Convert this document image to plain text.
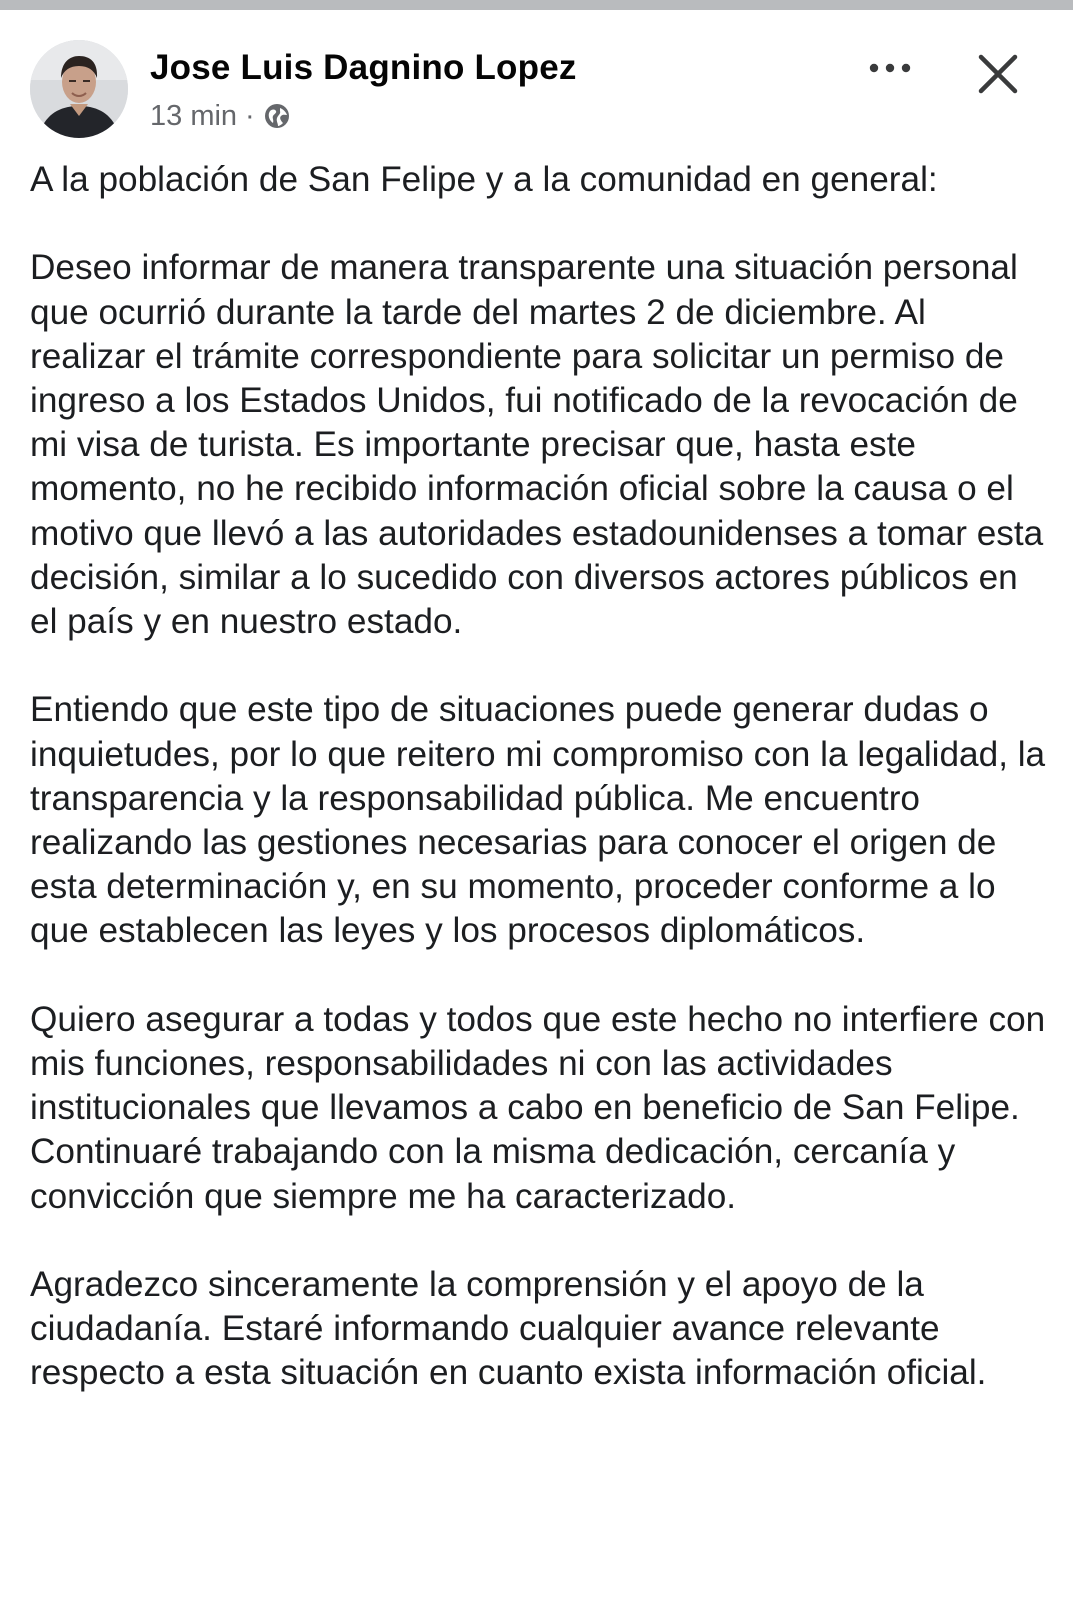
Jose Luis Dagnino Lopez
13 min ·

A la población de San Felipe y a la comunidad en general:

Deseo informar de manera transparente una situación personal que ocurrió durante la tarde del martes 2 de diciembre. Al realizar el trámite correspondiente para solicitar un permiso de ingreso a los Estados Unidos, fui notificado de la revocación de mi visa de turista. Es importante precisar que, hasta este momento, no he recibido información oficial sobre la causa o el motivo que llevó a las autoridades estadounidenses a tomar esta decisión, similar a lo sucedido con diversos actores públicos en el país y en nuestro estado.

Entiendo que este tipo de situaciones puede generar dudas o inquietudes, por lo que reitero mi compromiso con la legalidad, la transparencia y la responsabilidad pública. Me encuentro realizando las gestiones necesarias para conocer el origen de esta determinación y, en su momento, proceder conforme a lo que establecen las leyes y los procesos diplomáticos.

Quiero asegurar a todas y todos que este hecho no interfiere con mis funciones, responsabilidades ni con las actividades institucionales que llevamos a cabo en beneficio de San Felipe. Continuaré trabajando con la misma dedicación, cercanía y convicción que siempre me ha caracterizado.

Agradezco sinceramente la comprensión y el apoyo de la ciudadanía. Estaré informando cualquier avance relevante respecto a esta situación en cuanto exista información oficial.
